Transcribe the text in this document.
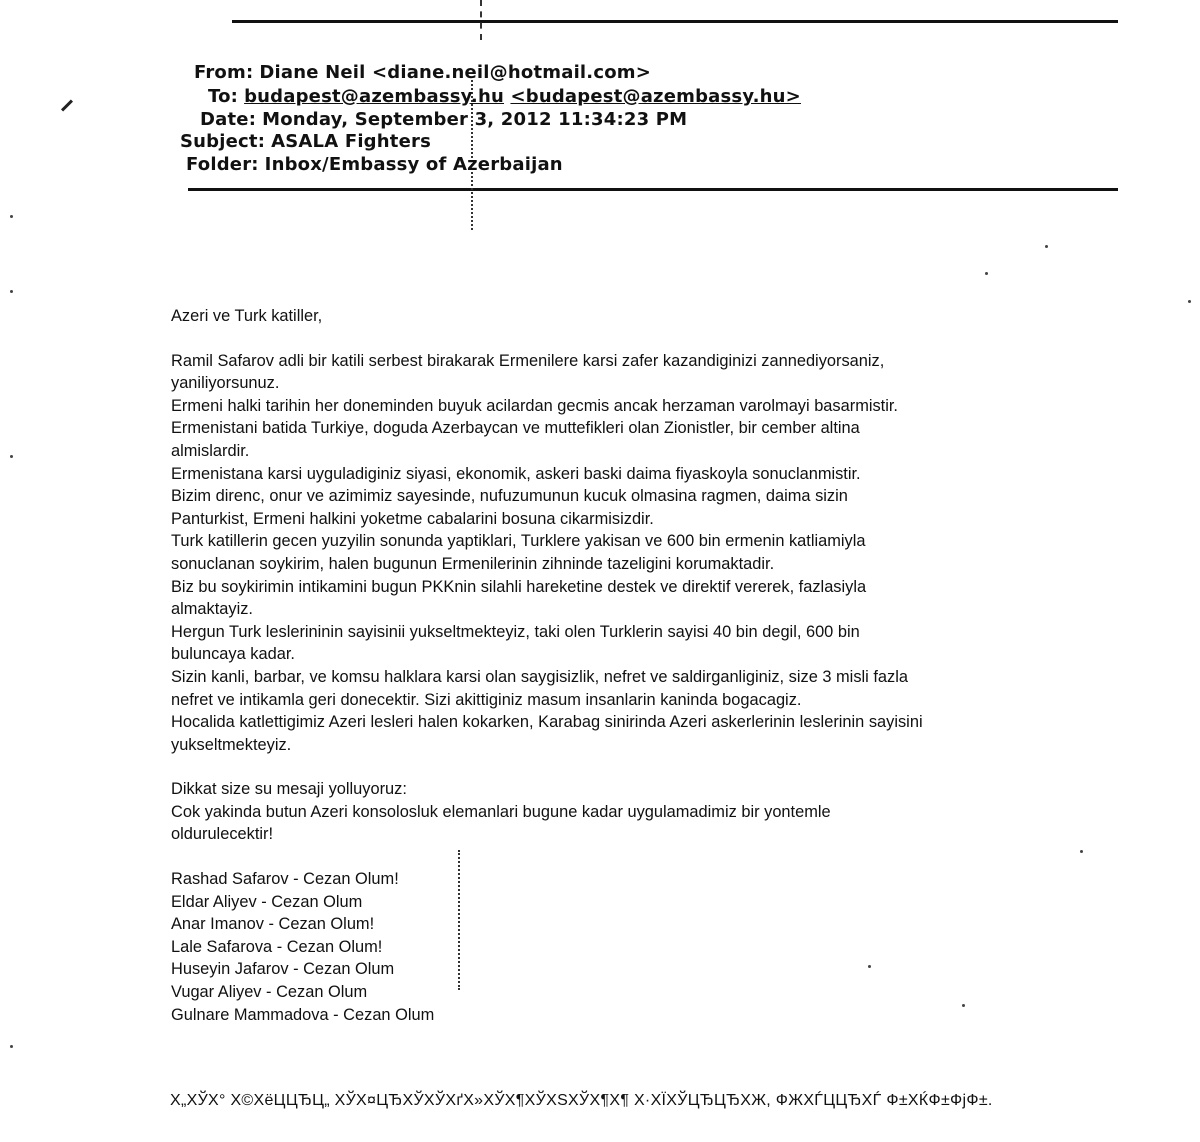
From: Diane Neil <diane.neil@hotmail.com>
To: budapest@azembassy.hu <budapest@azembassy.hu>
Date: Monday, September 3, 2012 11:34:23 PM
Subject: ASALA Fighters
Folder: Inbox/Embassy of Azerbaijan

Azeri ve Turk katiller,

Ramil Safarov adli bir katili serbest birakarak Ermenilere karsi zafer kazandiginizi zannediyorsaniz,

yaniliyorsunuz.

Ermeni halki tarihin her doneminden buyuk acilardan gecmis ancak herzaman varolmayi basarmistir.

Ermenistani batida Turkiye, doguda Azerbaycan ve muttefikleri olan Zionistler, bir cember altina

almislardir.

Ermenistana karsi uyguladiginiz siyasi, ekonomik, askeri baski daima fiyaskoyla sonuclanmistir.

Bizim direnc, onur ve azimimiz sayesinde, nufuzumunun kucuk olmasina ragmen, daima sizin

Panturkist, Ermeni halkini yoketme cabalarini bosuna cikarmisizdir.

Turk katillerin gecen yuzyilin sonunda yaptiklari, Turklere yakisan ve 600 bin ermenin katliamiyla

sonuclanan soykirim, halen bugunun Ermenilerinin zihninde tazeligini korumaktadir.

Biz bu soykirimin intikamini bugun PKKnin silahli hareketine destek ve direktif vererek, fazlasiyla

almaktayiz.

Hergun Turk leslerininin sayisinii yukseltmekteyiz, taki olen Turklerin sayisi 40 bin degil, 600 bin

buluncaya kadar.

Sizin kanli, barbar, ve komsu halklara karsi olan saygisizlik, nefret ve saldirganliginiz, size 3 misli fazla

nefret ve intikamla geri donecektir. Sizi akittiginiz masum insanlarin kaninda bogacagiz.

Hocalida katlettigimiz Azeri lesleri halen kokarken, Karabag sinirinda Azeri askerlerinin leslerinin sayisini

yukseltmekteyiz.

Dikkat size su mesaji yolluyoruz:

Cok yakinda butun Azeri konsolosluk elemanlari bugune kadar uygulamadimiz bir yontemle

oldurulecektir!

Rashad Safarov - Cezan Olum!

Eldar Aliyev - Cezan Olum

Anar Imanov - Cezan Olum!

Lale Safarova - Cezan Olum!

Huseyin Jafarov - Cezan Olum

Vugar Aliyev - Cezan Olum

Gulnare Mammadova - Cezan Olum

Х„ХЎХ° Х©ХёЦЦЂЦ„ ХЎХ¤ЦЂХЎХЎХґХ»ХЎХ¶ХЎХЅХЎХ¶Х¶ Х·ХЇХЎЦЂЦЂХЖ, ФЖХЃЦЦЂХЃ Ф±ХЌФ±ФјФ±.
